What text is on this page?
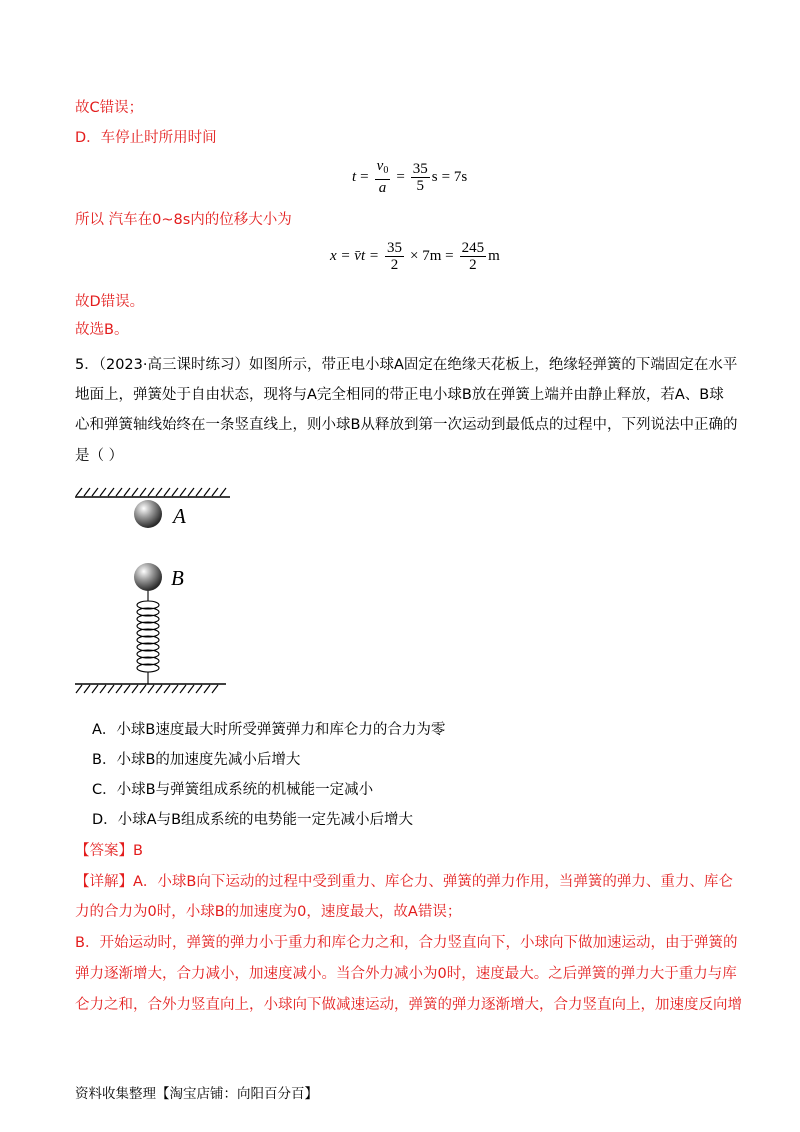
故C错误；
D．车停止时所用时间
$t = \frac{v_0}{a} = \frac{35}{5}$ s = 7s
所以 汽车在0~8s内的位移大小为
x = v̄t = $\frac{35}{2} \times 7m = \frac{245}{2}$ m
故D错误。
故选B。
5．（2023·高三课时练习）如图所示，带正电小球A固定在绝缘天花板上，绝缘轻弹簧的下端固定在水平
地面上，弹簧处于自由状态，现将与A完全相同的带正电小球B放在弹簧上端并由静止释放，若A、B球
心和弹簧轴线始终在一条竖直线上，则小球B从释放到第一次运动到最低点的过程中，下列说法中正确的
是（ ）
A
B
A．小球B速度最大时所受弹簧弹力和库仑力的合力为零
B．小球B的加速度先减小后增大
C．小球B与弹簧组成系统的机械能一定减小
D．小球A与B组成系统的电势能一定先减小后增大
【答案】B
【详解】A．小球B向下运动的过程中受到重力、库仑力、弹簧的弹力作用，当弹簧的弹力、重力、库仑
力的合力为0时，小球B的加速度为0，速度最大，故A错误；
B．开始运动时，弹簧的弹力小于重力和库仑力之和，合力竖直向下，小球向下做加速运动，由于弹簧的
弹力逐渐增大，合力减小，加速度减小。当合外力减小为0时，速度最大。之后弹簧的弹力大于重力与库
仑力之和，合外力竖直向上，小球向下做减速运动，弹簧的弹力逐渐增大，合力竖直向上，加速度反向增
资料收集整理【淘宝店铺：向阳百分百】
